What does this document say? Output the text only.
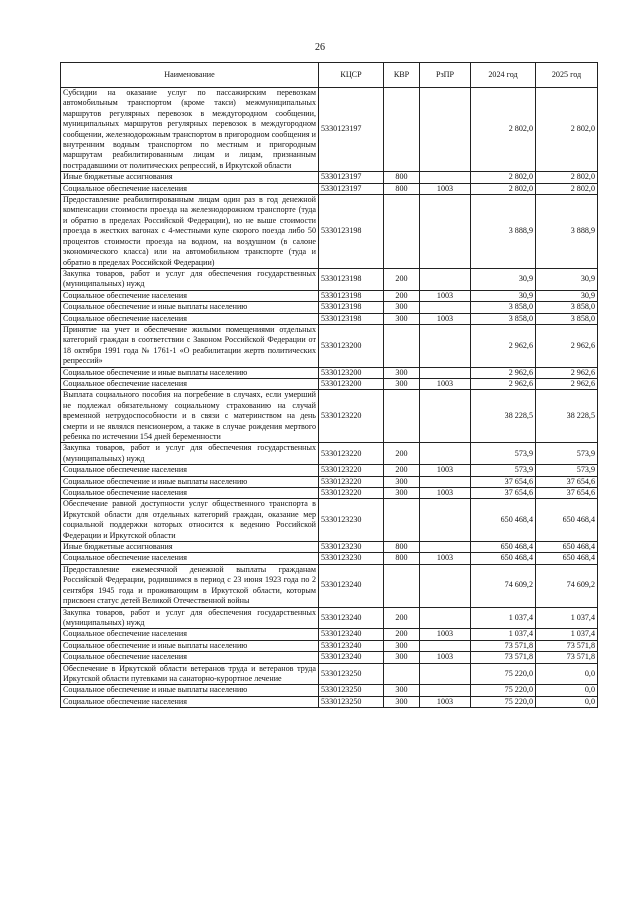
26
Наименование	КЦСР	КВР	РзПР	2024 год	2025 год
Субсидии на оказание услуг по пассажирским перевозкам автомобильным транспортом (кроме такси) межмуниципальных маршрутов регулярных перевозок в междугородном сообщении, муниципальных маршрутов регулярных перевозок в междугородном сообщении, железнодорожным транспортом в пригородном сообщения и внутренним водным транспортом по местным и пригородным маршрутам реабилитированным лицам и лицам, признанным пострадавшими от политических репрессий, в Иркутской области	5330123197			2 802,0	2 802,0
Иные бюджетные ассигнования	5330123197	800		2 802,0	2 802,0
Социальное обеспечение населения	5330123197	800	1003	2 802,0	2 802,0
Предоставление реабилитированным лицам один раз в год денежной компенсации стоимости проезда на железнодорожном транспорте (туда и обратно в пределах Российской Федерации), но не выше стоимости проезда в жестких вагонах с 4-местными купе скорого поезда либо 50 процентов стоимости проезда на водном, на воздушном (в салоне экономического класса) или на автомобильном транспорте (туда и обратно в пределах Российской Федерации)	5330123198			3 888,9	3 888,9
Закупка товаров, работ и услуг для обеспечения государственных (муниципальных) нужд	5330123198	200		30,9	30,9
Социальное обеспечение населения	5330123198	200	1003	30,9	30,9
Социальное обеспечение и иные выплаты населению	5330123198	300		3 858,0	3 858,0
Социальное обеспечение населения	5330123198	300	1003	3 858,0	3 858,0
Принятие на учет и обеспечение жилыми помещениями отдельных категорий граждан в соответствии с Законом Российской Федерации от 18 октября 1991 года № 1761-1 «О реабилитации жертв политических репрессий»	5330123200			2 962,6	2 962,6
Социальное обеспечение и иные выплаты населению	5330123200	300		2 962,6	2 962,6
Социальное обеспечение населения	5330123200	300	1003	2 962,6	2 962,6
Выплата социального пособия на погребение в случаях, если умерший не подлежал обязательному социальному страхованию на случай временной нетрудоспособности и в связи с материнством на день смерти и не являлся пенсионером, а также в случае рождения мертвого ребенка по истечении 154 дней беременности	5330123220			38 228,5	38 228,5
Закупка товаров, работ и услуг для обеспечения государственных (муниципальных) нужд	5330123220	200		573,9	573,9
Социальное обеспечение населения	5330123220	200	1003	573,9	573,9
Социальное обеспечение и иные выплаты населению	5330123220	300		37 654,6	37 654,6
Социальное обеспечение населения	5330123220	300	1003	37 654,6	37 654,6
Обеспечение равной доступности услуг общественного транспорта в Иркутской области для отдельных категорий граждан, оказание мер социальной поддержки которых относится к ведению Российской Федерации и Иркутской области	5330123230			650 468,4	650 468,4
Иные бюджетные ассигнования	5330123230	800		650 468,4	650 468,4
Социальное обеспечение населения	5330123230	800	1003	650 468,4	650 468,4
Предоставление ежемесячной денежной выплаты гражданам Российской Федерации, родившимся в период с 23 июня 1923 года по 2 сентября 1945 года и проживающим в Иркутской области, которым присвоен статус детей Великой Отечественной войны	5330123240			74 609,2	74 609,2
Закупка товаров, работ и услуг для обеспечения государственных (муниципальных) нужд	5330123240	200		1 037,4	1 037,4
Социальное обеспечение населения	5330123240	200	1003	1 037,4	1 037,4
Социальное обеспечение и иные выплаты населению	5330123240	300		73 571,8	73 571,8
Социальное обеспечение населения	5330123240	300	1003	73 571,8	73 571,8
Обеспечение в Иркутской области ветеранов труда и ветеранов труда Иркутской области путевками на санаторно-курортное лечение	5330123250			75 220,0	0,0
Социальное обеспечение и иные выплаты населению	5330123250	300		75 220,0	0,0
Социальное обеспечение населения	5330123250	300	1003	75 220,0	0,0
